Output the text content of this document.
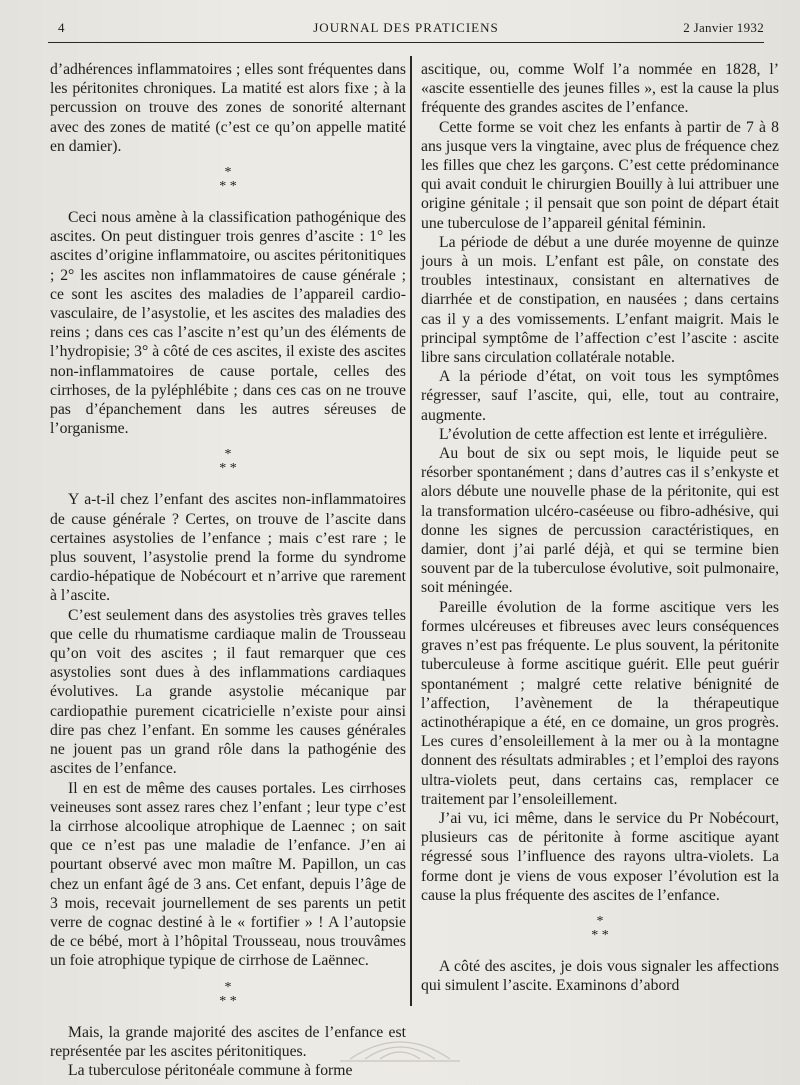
4	JOURNAL DES PRATICIENS	2 Janvier 1932

d’adhérences inflammatoires ; elles sont fréquentes dans les péritonites chroniques. La matité est alors fixe ; à la percussion on trouve des zones de sonorité alternant avec des zones de matité (c’est ce qu’on appelle matité en damier).

*
* *

Ceci nous amène à la classification pathogénique des ascites. On peut distinguer trois genres d’ascite : 1° les ascites d’origine inflammatoire, ou ascites péritonitiques ; 2° les ascites non inflammatoires de cause générale ; ce sont les ascites des maladies de l’appareil cardio-vasculaire, de l’asystolie, et les ascites des maladies des reins ; dans ces cas l’ascite n’est qu’un des éléments de l’hydropisie; 3° à côté de ces ascites, il existe des ascites non-inflammatoires de cause portale, celles des cirrhoses, de la pyléphlébite ; dans ces cas on ne trouve pas d’épanchement dans les autres séreuses de l’organisme.

*
* *

Y a-t-il chez l’enfant des ascites non-inflammatoires de cause générale ? Certes, on trouve de l’ascite dans certaines asystolies de l’enfance ; mais c’est rare ; le plus souvent, l’asystolie prend la forme du syndrome cardio-hépatique de Nobécourt et n’arrive que rarement à l’ascite.

C’est seulement dans des asystolies très graves telles que celle du rhumatisme cardiaque malin de Trousseau qu’on voit des ascites ; il faut remarquer que ces asystolies sont dues à des inflammations cardiaques évolutives. La grande asystolie mécanique par cardiopathie purement cicatricielle n’existe pour ainsi dire pas chez l’enfant. En somme les causes générales ne jouent pas un grand rôle dans la pathogénie des ascites de l’enfance.

Il en est de même des causes portales. Les cirrhoses veineuses sont assez rares chez l’enfant ; leur type c’est la cirrhose alcoolique atrophique de Laennec ; on sait que ce n’est pas une maladie de l’enfance. J’en ai pourtant observé avec mon maître M. Papillon, un cas chez un enfant âgé de 3 ans. Cet enfant, depuis l’âge de 3 mois, recevait journellement de ses parents un petit verre de cognac destiné à le « fortifier » ! A l’autopsie de ce bébé, mort à l’hôpital Trousseau, nous trouvâmes un foie atrophique typique de cirrhose de Laënnec.

*
* *

Mais, la grande majorité des ascites de l’enfance est représentée par les ascites péritonitiques.

La tuberculose péritonéale commune à forme

ascitique, ou, comme Wolf l’a nommée en 1828, l’ «ascite essentielle des jeunes filles », est la cause la plus fréquente des grandes ascites de l’enfance.

Cette forme se voit chez les enfants à partir de 7 à 8 ans jusque vers la vingtaine, avec plus de fréquence chez les filles que chez les garçons. C’est cette prédominance qui avait conduit le chirurgien Bouilly à lui attribuer une origine génitale ; il pensait que son point de départ était une tuberculose de l’appareil génital féminin.

La période de début a une durée moyenne de quinze jours à un mois. L’enfant est pâle, on constate des troubles intestinaux, consistant en alternatives de diarrhée et de constipation, en nausées ; dans certains cas il y a des vomissements. L’enfant maigrit. Mais le principal symptôme de l’affection c’est l’ascite : ascite libre sans circulation collatérale notable.

A la période d’état, on voit tous les symptômes régresser, sauf l’ascite, qui, elle, tout au contraire, augmente.

L’évolution de cette affection est lente et irrégulière.

Au bout de six ou sept mois, le liquide peut se résorber spontanément ; dans d’autres cas il s’enkyste et alors débute une nouvelle phase de la péritonite, qui est la transformation ulcéro-caséeuse ou fibro-adhésive, qui donne les signes de percussion caractéristiques, en damier, dont j’ai parlé déjà, et qui se termine bien souvent par de la tuberculose évolutive, soit pulmonaire, soit méningée.

Pareille évolution de la forme ascitique vers les formes ulcéreuses et fibreuses avec leurs conséquences graves n’est pas fréquente. Le plus souvent, la péritonite tuberculeuse à forme ascitique guérit. Elle peut guérir spontanément ; malgré cette relative bénignité de l’affection, l’avènement de la thérapeutique actinothérapique a été, en ce domaine, un gros progrès. Les cures d’ensoleillement à la mer ou à la montagne donnent des résultats admirables ; et l’emploi des rayons ultra-violets peut, dans certains cas, remplacer ce traitement par l’ensoleillement.

J’ai vu, ici même, dans le service du Pr Nobécourt, plusieurs cas de péritonite à forme ascitique ayant régressé sous l’influence des rayons ultra-violets. La forme dont je viens de vous exposer l’évolution est la cause la plus fréquente des ascites de l’enfance.

*
* *

A côté des ascites, je dois vous signaler les affections qui simulent l’ascite. Examinons d’abord
